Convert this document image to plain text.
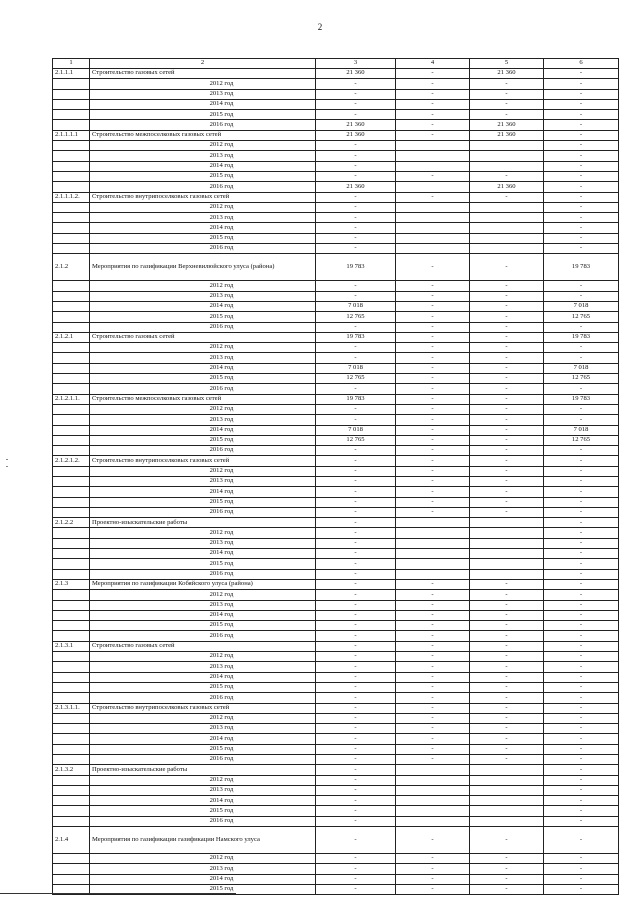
2
1	2	3	4	5	6
2.1.1.1	Строительство газовых сетей	21 360	-	21 360	-
	2012 год	-	-	-	-
	2013 год	-	-	-	-
	2014 год	-	-	-	-
	2015 год	-	-	-	-
	2016 год	21 360	-	21 360	-
2.1.1.1.1	Строительство межпоселковых газовых сетей	21 360	-	21 360	-
	2012 год	-			-
	2013 год	-			-
	2014 год	-			-
	2015 год	-	-	-	-
	2016 год	21 360		21 360	-
2.1.1.1.2.	Строительство внутрипоселковых газовых сетей	-	-	-	-
	2012 год	-			-
	2013 год	-			-
	2014 год	-			-
	2015 год	-			-
	2016 год	-			-
2.1.2	Мероприятия по газификации Верхневилюйского улуса (района)	19 783	-	-	19 783
	2012 год	-	-	-	-
	2013 год	-	-	-	-
	2014 год	7 018	-	-	7 018
	2015 год	12 765	-	-	12 765
	2016 год	-	-	-	-
2.1.2.1	Строительство газовых сетей	19 783	-	-	19 783
	2012 год	-	-	-	-
	2013 год	-	-	-	-
	2014 год	7 018	-	-	7 018
	2015 год	12 765	-	-	12 765
	2016 год	-	-	-	-
2.1.2.1.1.	Строительство межпоселковых газовых сетей	19 783	-	-	19 783
	2012 год	-	-	-	-
	2013 год	-	-	-	-
	2014 год	7 018	-	-	7 018
	2015 год	12 765	-	-	12 765
	2016 год	-	-	-	-
2.1.2.1.2.	Строительство внутрипоселковых газовых сетей	-	-	-	-
	2012 год	-	-	-	-
	2013 год	-	-	-	-
	2014 год	-	-	-	-
	2015 год	-	-	-	-
	2016 год	-	-	-	-
2.1.2.2	Проектно-изыскательские работы	-			-
	2012 год	-			-
	2013 год	-			-
	2014 год	-			-
	2015 год	-			-
	2016 год	-			-
2.1.3	Мероприятия по газификации Кобяйского улуса (района)	-	-	-	-
	2012 год	-	-	-	-
	2013 год	-	-	-	-
	2014 год	-	-	-	-
	2015 год	-	-	-	-
	2016 год	-	-	-	-
2.1.3.1	Строительство газовых сетей	-	-	-	-
	2012 год	-	-	-	-
	2013 год	-	-	-	-
	2014 год	-	-	-	-
	2015 год	-	-	-	-
	2016 год	-	-	-	-
2.1.3.1.1.	Строительство внутрипоселковых газовых сетей	-	-	-	-
	2012 год	-	-	-	-
	2013 год	-	-	-	-
	2014 год	-	-	-	-
	2015 год	-	-	-	-
	2016 год	-	-	-	-
2.1.3.2	Проектно-изыскательские работы	-			-
	2012 год	-			-
	2013 год	-			-
	2014 год	-			-
	2015 год	-			-
	2016 год	-			-
2.1.4	Мероприятия по газификации газификации Намского улуса	-	-	-	-
	2012 год	-	-	-	-
	2013 год	-	-	-	-
	2014 год	-	-	-	-
	2015 год	-	-	-	-
